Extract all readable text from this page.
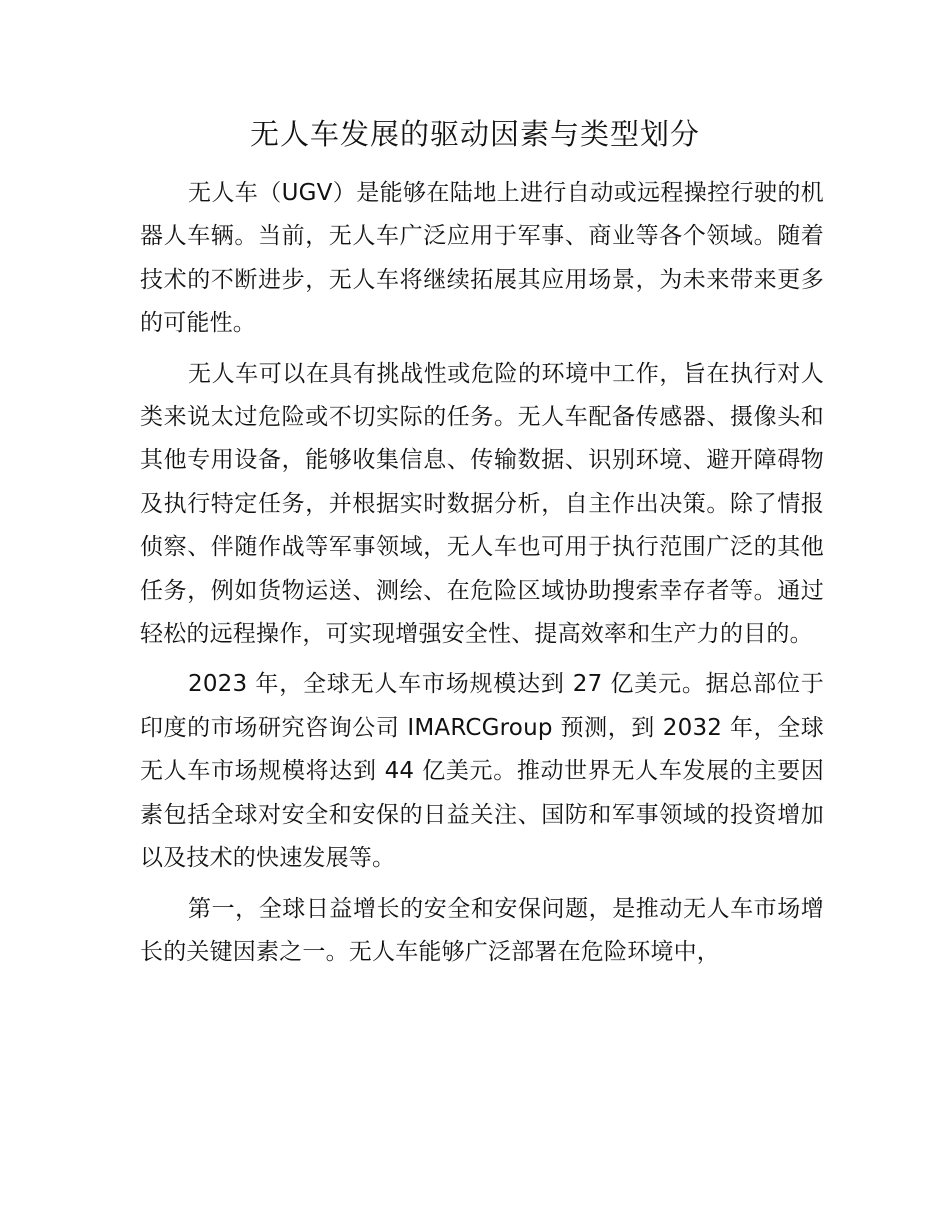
无人车发展的驱动因素与类型划分

无人车（UGV）是能够在陆地上进行自动或远程操控行驶的机器人车辆。当前，无人车广泛应用于军事、商业等各个领域。随着技术的不断进步，无人车将继续拓展其应用场景，为未来带来更多的可能性。

无人车可以在具有挑战性或危险的环境中工作，旨在执行对人类来说太过危险或不切实际的任务。无人车配备传感器、摄像头和其他专用设备，能够收集信息、传输数据、识别环境、避开障碍物及执行特定任务，并根据实时数据分析，自主作出决策。除了情报侦察、伴随作战等军事领域，无人车也可用于执行范围广泛的其他任务，例如货物运送、测绘、在危险区域协助搜索幸存者等。通过轻松的远程操作，可实现增强安全性、提高效率和生产力的目的。

2023 年，全球无人车市场规模达到 27 亿美元。据总部位于印度的市场研究咨询公司 IMARCGroup 预测，到 2032 年，全球无人车市场规模将达到 44 亿美元。推动世界无人车发展的主要因素包括全球对安全和安保的日益关注、国防和军事领域的投资增加以及技术的快速发展等。

第一，全球日益增长的安全和安保问题，是推动无人车市场增长的关键因素之一。无人车能够广泛部署在危险环境中，
